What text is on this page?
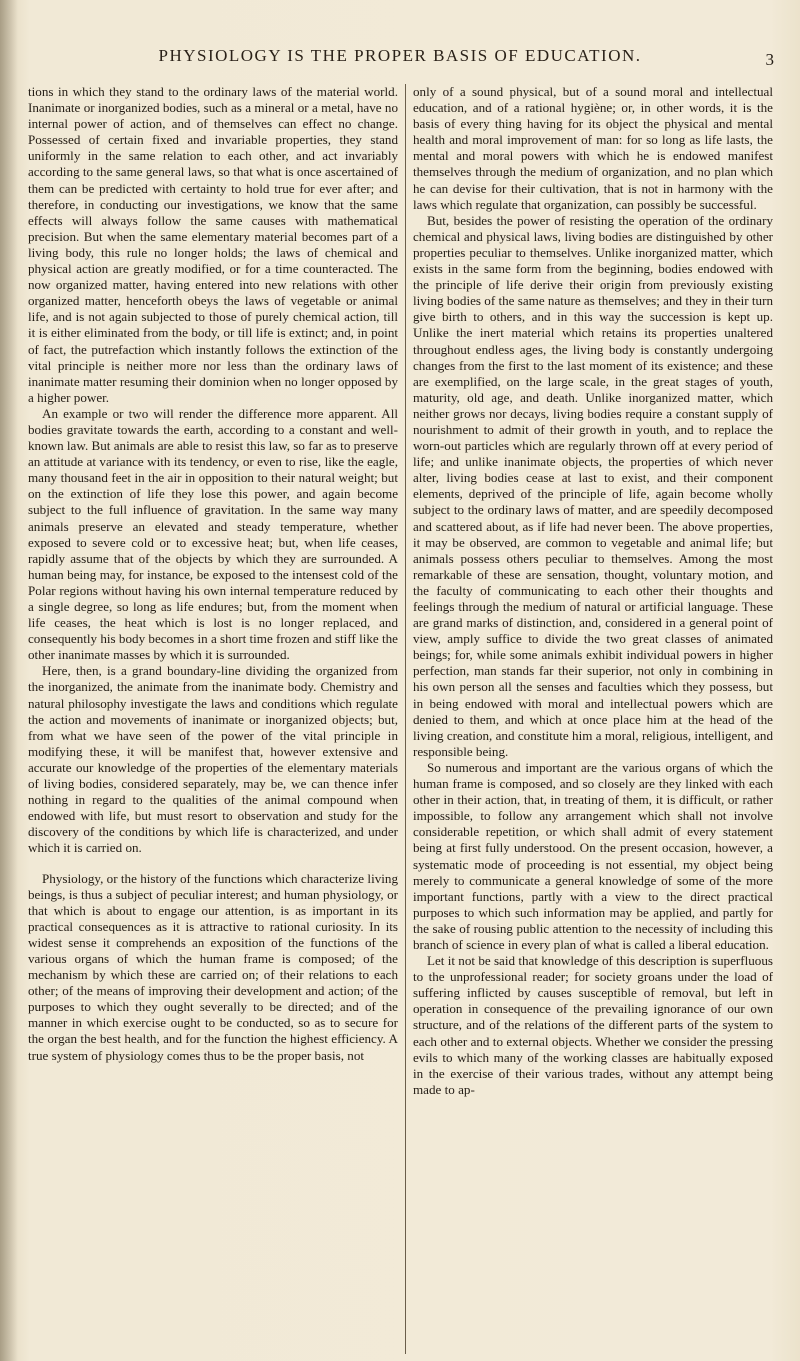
PHYSIOLOGY IS THE PROPER BASIS OF EDUCATION.	3

tions in which they stand to the ordinary laws of the material world. Inanimate or inorganized bodies, such as a mineral or a metal, have no internal power of action, and of themselves can effect no change. Possessed of certain fixed and invariable properties, they stand uniformly in the same relation to each other, and act invariably according to the same general laws, so that what is once ascertained of them can be predicted with certainty to hold true for ever after; and therefore, in conducting our investigations, we know that the same effects will always follow the same causes with mathematical precision. But when the same elementary material becomes part of a living body, this rule no longer holds; the laws of chemical and physical action are greatly modified, or for a time counteracted. The now organized matter, having entered into new relations with other organized matter, henceforth obeys the laws of vegetable or animal life, and is not again subjected to those of purely chemical action, till it is either eliminated from the body, or till life is extinct; and, in point of fact, the putrefaction which instantly follows the extinction of the vital principle is neither more nor less than the ordinary laws of inanimate matter resuming their dominion when no longer opposed by a higher power.

An example or two will render the difference more apparent. All bodies gravitate towards the earth, according to a constant and well-known law. But animals are able to resist this law, so far as to preserve an attitude at variance with its tendency, or even to rise, like the eagle, many thousand feet in the air in opposition to their natural weight; but on the extinction of life they lose this power, and again become subject to the full influence of gravitation. In the same way many animals preserve an elevated and steady temperature, whether exposed to severe cold or to excessive heat; but, when life ceases, rapidly assume that of the objects by which they are surrounded. A human being may, for instance, be exposed to the intensest cold of the Polar regions without having his own internal temperature reduced by a single degree, so long as life endures; but, from the moment when life ceases, the heat which is lost is no longer replaced, and consequently his body becomes in a short time frozen and stiff like the other inanimate masses by which it is surrounded.

Here, then, is a grand boundary-line dividing the organized from the inorganized, the animate from the inanimate body. Chemistry and natural philosophy investigate the laws and conditions which regulate the action and movements of inanimate or inorganized objects; but, from what we have seen of the power of the vital principle in modifying these, it will be manifest that, however extensive and accurate our knowledge of the properties of the elementary materials of living bodies, considered separately, may be, we can thence infer nothing in regard to the qualities of the animal compound when endowed with life, but must resort to observation and study for the discovery of the conditions by which life is characterized, and under which it is carried on.

Physiology, or the history of the functions which characterize living beings, is thus a subject of peculiar interest; and human physiology, or that which is about to engage our attention, is as important in its practical consequences as it is attractive to rational curiosity. In its widest sense it comprehends an exposition of the functions of the various organs of which the human frame is composed; of the mechanism by which these are carried on; of their relations to each other; of the means of improving their development and action; of the purposes to which they ought severally to be directed; and of the manner in which exercise ought to be conducted, so as to secure for the organ the best health, and for the function the highest efficiency. A true system of physiology comes thus to be the proper basis, not

only of a sound physical, but of a sound moral and intellectual education, and of a rational hygiène; or, in other words, it is the basis of every thing having for its object the physical and mental health and moral improvement of man: for so long as life lasts, the mental and moral powers with which he is endowed manifest themselves through the medium of organization, and no plan which he can devise for their cultivation, that is not in harmony with the laws which regulate that organization, can possibly be successful.

But, besides the power of resisting the operation of the ordinary chemical and physical laws, living bodies are distinguished by other properties peculiar to themselves. Unlike inorganized matter, which exists in the same form from the beginning, bodies endowed with the principle of life derive their origin from previously existing living bodies of the same nature as themselves; and they in their turn give birth to others, and in this way the succession is kept up. Unlike the inert material which retains its properties unaltered throughout endless ages, the living body is constantly undergoing changes from the first to the last moment of its existence; and these are exemplified, on the large scale, in the great stages of youth, maturity, old age, and death. Unlike inorganized matter, which neither grows nor decays, living bodies require a constant supply of nourishment to admit of their growth in youth, and to replace the worn-out particles which are regularly thrown off at every period of life; and unlike inanimate objects, the properties of which never alter, living bodies cease at last to exist, and their component elements, deprived of the principle of life, again become wholly subject to the ordinary laws of matter, and are speedily decomposed and scattered about, as if life had never been. The above properties, it may be observed, are common to vegetable and animal life; but animals possess others peculiar to themselves. Among the most remarkable of these are sensation, thought, voluntary motion, and the faculty of communicating to each other their thoughts and feelings through the medium of natural or artificial language. These are grand marks of distinction, and, considered in a general point of view, amply suffice to divide the two great classes of animated beings; for, while some animals exhibit individual powers in higher perfection, man stands far their superior, not only in combining in his own person all the senses and faculties which they possess, but in being endowed with moral and intellectual powers which are denied to them, and which at once place him at the head of the living creation, and constitute him a moral, religious, intelligent, and responsible being.

So numerous and important are the various organs of which the human frame is composed, and so closely are they linked with each other in their action, that, in treating of them, it is difficult, or rather impossible, to follow any arrangement which shall not involve considerable repetition, or which shall admit of every statement being at first fully understood. On the present occasion, however, a systematic mode of proceeding is not essential, my object being merely to communicate a general knowledge of some of the more important functions, partly with a view to the direct practical purposes to which such information may be applied, and partly for the sake of rousing public attention to the necessity of including this branch of science in every plan of what is called a liberal education.

Let it not be said that knowledge of this description is superfluous to the unprofessional reader; for society groans under the load of suffering inflicted by causes susceptible of removal, but left in operation in consequence of the prevailing ignorance of our own structure, and of the relations of the different parts of the system to each other and to external objects. Whether we consider the pressing evils to which many of the working classes are habitually exposed in the exercise of their various trades, without any attempt being made to ap-
